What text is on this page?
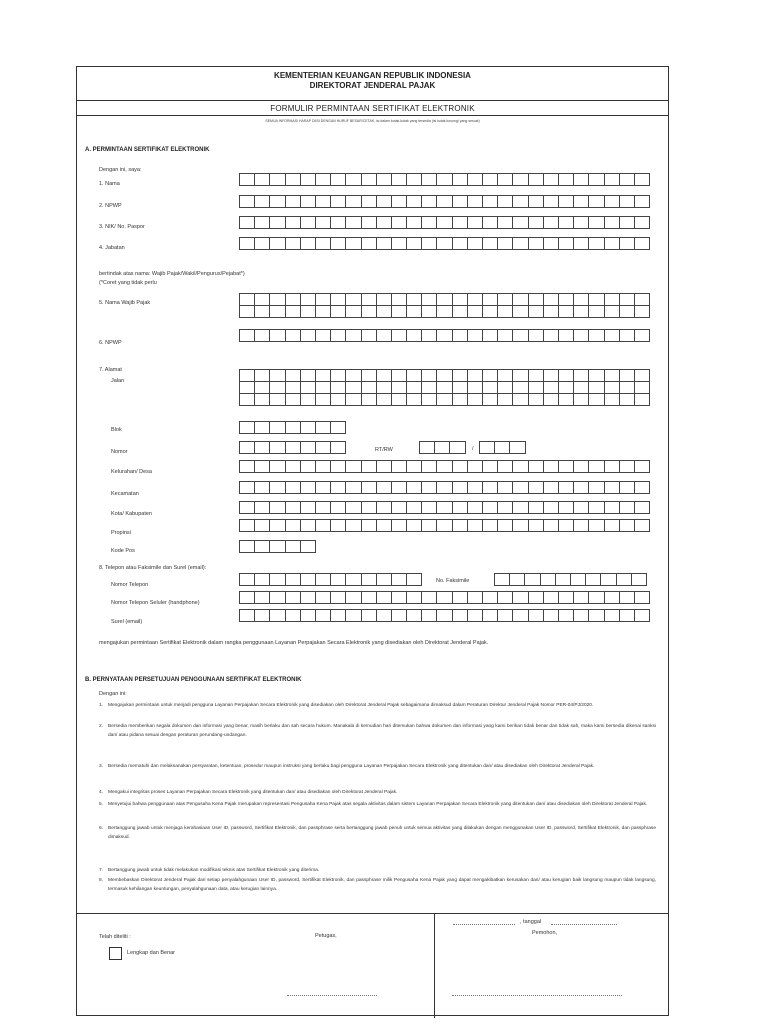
KEMENTERIAN KEUANGAN REPUBLIK INDONESIA
DIREKTORAT JENDERAL PAJAK
FORMULIR PERMINTAAN SERTIFIKAT ELEKTRONIK
SEMUA INFORMASI HARAP DIISI DENGAN HURUF BESAR/CETAK, isi dalam kotak-kotak yang tersedia (isi kotak kosong/ yang sesuai)
A. PERMINTAAN SERTIFIKAT ELEKTRONIK
Dengan ini, saya:
1. Nama
2. NPWP
3. NIK/ No. Paspor
4. Jabatan
bertindak atas nama: Wajib Pajak/Wakil/Pengurus/Pejabat*)
(*Coret yang tidak perlu
5. Nama Wajib Pajak
6. NPWP
7. Alamat
Jalan
Blok
Nomor	RT/RW	/
Kelurahan/ Desa
Kecamatan
Kota/ Kabupaten
Propinsi
Kode Pos
8. Telepon atau Faksimile dan Surel (email):
Nomor Telepon
No. Faksimile
Nomor Telepon Seluler (handphone)
Surel (email)
mengajukan permintaan Sertifikat Elektronik dalam rangka penggunaan Layanan Perpajakan Secara Elektronik yang disediakan oleh Direktorat Jenderal Pajak.
B. PERNYATAAN PERSETUJUAN PENGGUNAAN SERTIFIKAT ELEKTRONIK
Dengan ini:
1. Mengajukan permintaan untuk menjadi pengguna Layanan Perpajakan Secara Elektronik yang disediakan oleh Direktorat Jenderal Pajak sebagaimana dimaksud dalam Peraturan Direktur Jenderal Pajak Nomor PER-04/PJ/2020.
2. Bersedia memberikan segala dokumen dan informasi yang benar, masih berlaku dan sah secara hukum. Manakala di kemudian hari ditemukan bahwa dokumen dan informasi yang kami berikan tidak benar dan tidak sah, maka kami bersedia dikenai sanksi dan/ atau pidana sesuai dengan peraturan perundang-undangan.
3. Bersedia mematuhi dan melaksanakan persyaratan, ketentuan, prosedur maupun instruksi yang berlaku bagi pengguna Layanan Perpajakan Secara Elektronik yang ditentukan dan/ atau disediakan oleh Direktorat Jenderal Pajak.
4. Mengakui integritas proses Layanan Perpajakan Secara Elektronik yang ditentukan dan/ atau disediakan oleh Direktorat Jenderal Pajak.
5. Menyetujui bahwa penggunaan atas Pengusaha Kena Pajak merupakan representasi Pengusaha Kena Pajak atas segala aktivitas dalam sistem Layanan Perpajakan Secara Elektronik yang ditentukan dan/ atau disediakan oleh Direktorat Jenderal Pajak.
6. Bertanggung jawab untuk menjaga kerahasiaan User ID, password, Sertifikat Elektronik, dan passphrase serta bertanggung jawab penuh untuk semua aktivitas yang dilakukan dengan menggunakan User ID, password, Sertifikat Elektronik, dan passphrase dimaksud.
7. Bertanggung jawab untuk tidak melakukan modifikasi teknis atas Sertifikat Elektronik yang diterima.
8. Membebaskan Direktorat Jenderal Pajak dari setiap penyalahgunaan User ID, password, Sertifikat Elektronik, dan passphrase milik Pengusaha Kena Pajak yang dapat mengakibatkan kerusakan dan/ atau kerugian baik langsung maupun tidak langsung, termasuk kehilangan keuntungan, penyalahgunaan data, atau kerugian lainnya.
Telah diteliti :
Lengkap dan Benar
Petugas,
, tanggal
Pemohon,
